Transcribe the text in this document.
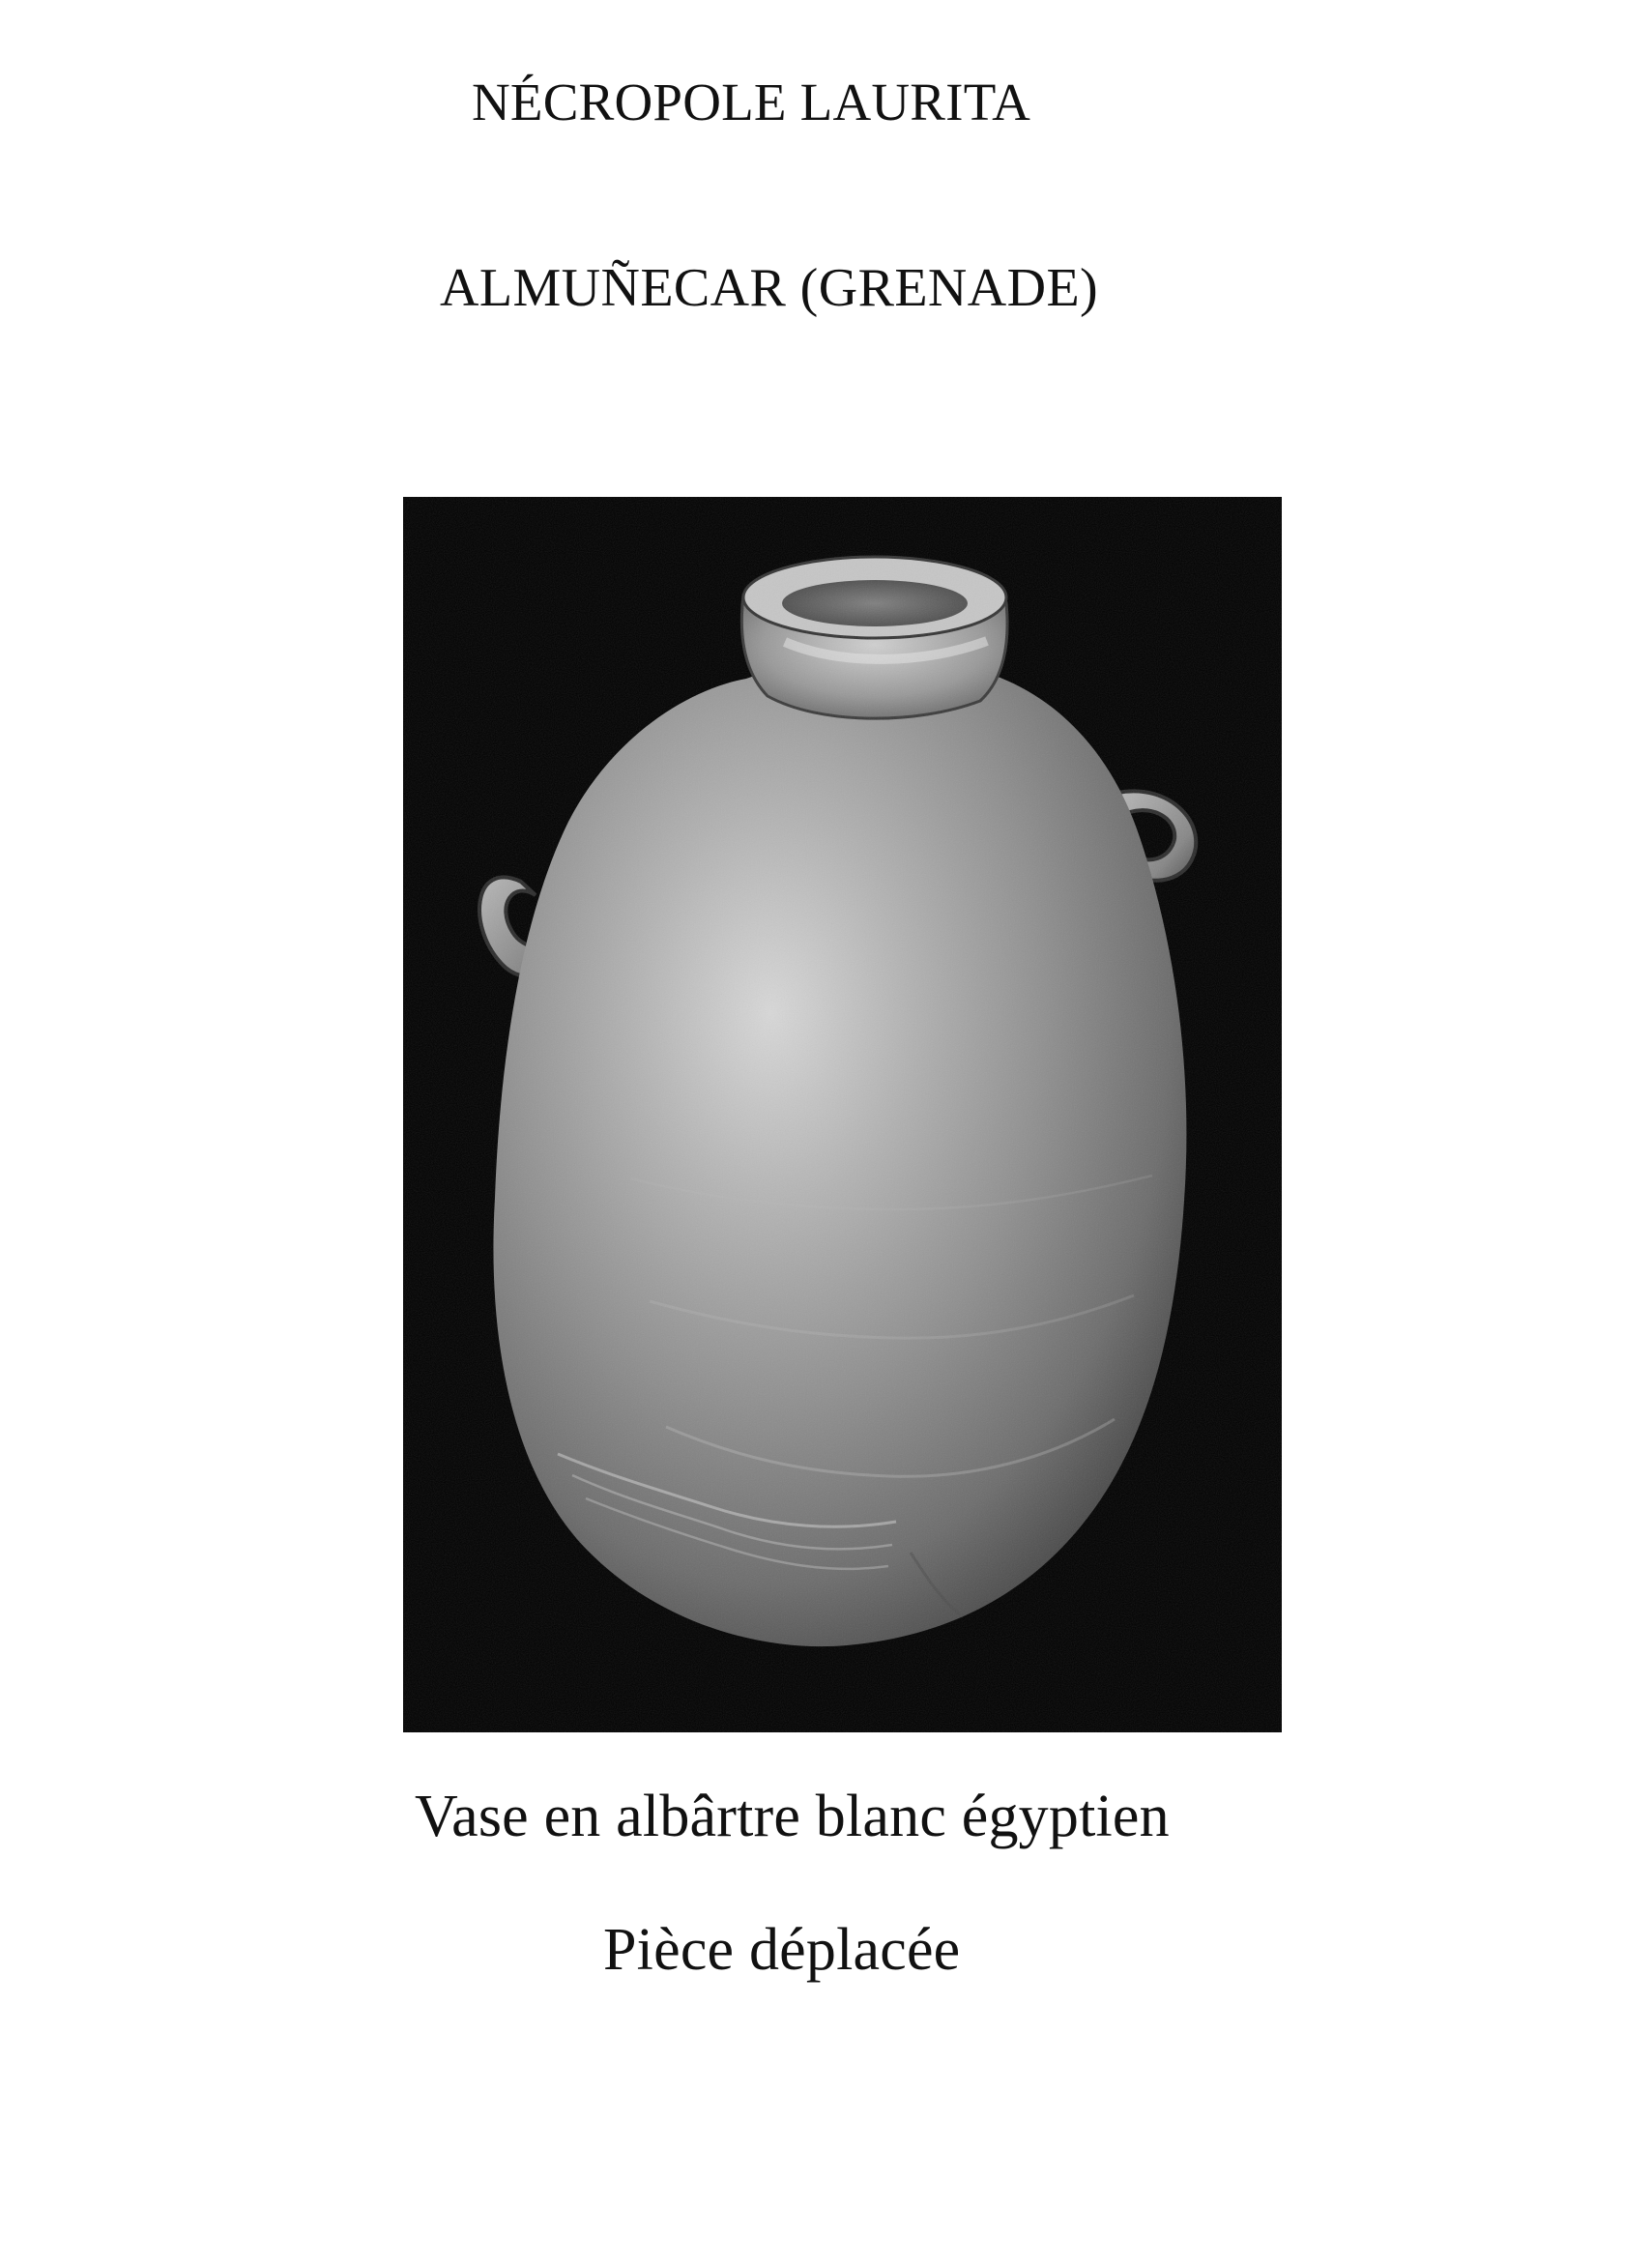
NÉCROPOLE LAURITA
ALMUÑECAR (GRENADE)
Vase en albârtre blanc égyptien
Pièce déplacée
